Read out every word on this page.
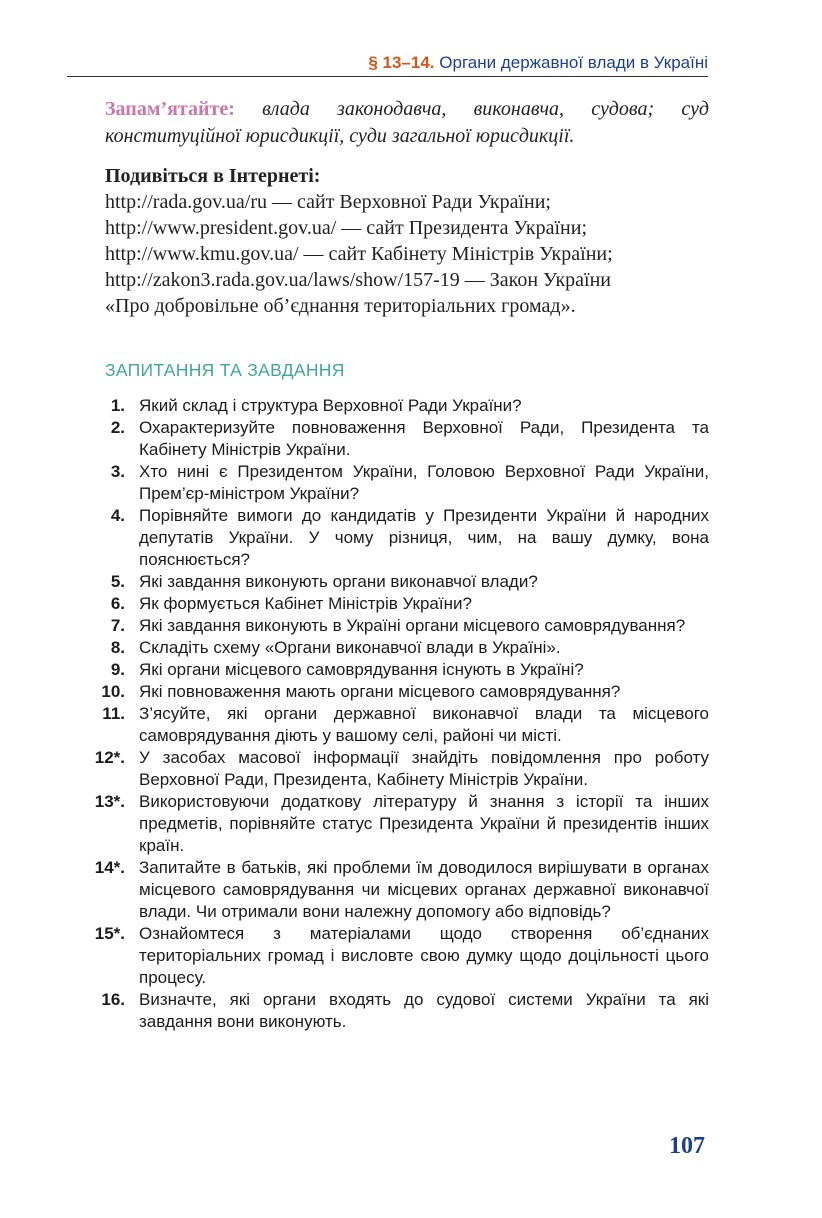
§ 13–14. Органи державної влади в Україні
Запам’ятайте: влада законодавча, виконавча, судова; суд конституційної юрисдикції, суди загальної юрисдикції.
Подивіться в Інтернеті:
http://rada.gov.ua/ru — сайт Верховної Ради України;
http://www.president.gov.ua/ — сайт Президента України;
http://www.kmu.gov.ua/ — сайт Кабінету Міністрів України;
http://zakon3.rada.gov.ua/laws/show/157-19 — Закон України
«Про добровільне об’єднання територіальних громад».
ЗАПИТАННЯ ТА ЗАВДАННЯ
1. Який склад і структура Верховної Ради України?
2. Охарактеризуйте повноваження Верховної Ради, Президента та Кабінету Міністрів України.
3. Хто нині є Президентом України, Головою Верховної Ради України, Прем’єр-міністром України?
4. Порівняйте вимоги до кандидатів у Президенти України й народних депутатів України. У чому різниця, чим, на вашу думку, вона пояснюється?
5. Які завдання виконують органи виконавчої влади?
6. Як формується Кабінет Міністрів України?
7. Які завдання виконують в Україні органи місцевого самоврядування?
8. Складіть схему «Органи виконавчої влади в Україні».
9. Які органи місцевого самоврядування існують в Україні?
10. Які повноваження мають органи місцевого самоврядування?
11. З’ясуйте, які органи державної виконавчої влади та місцевого самоврядування діють у вашому селі, районі чи місті.
12*. У засобах масової інформації знайдіть повідомлення про роботу Верховної Ради, Президента, Кабінету Міністрів України.
13*. Використовуючи додаткову літературу й знання з історії та інших предметів, порівняйте статус Президента України й президентів інших країн.
14*. Запитайте в батьків, які проблеми їм доводилося вирішувати в органах місцевого самоврядування чи місцевих органах державної виконавчої влади. Чи отримали вони належну допомогу або відповідь?
15*. Ознайомтеся з матеріалами щодо створення об’єднаних територіальних громад і висловте свою думку щодо доцільності цього процесу.
16. Визначте, які органи входять до судової системи України та які завдання вони виконують.
107
